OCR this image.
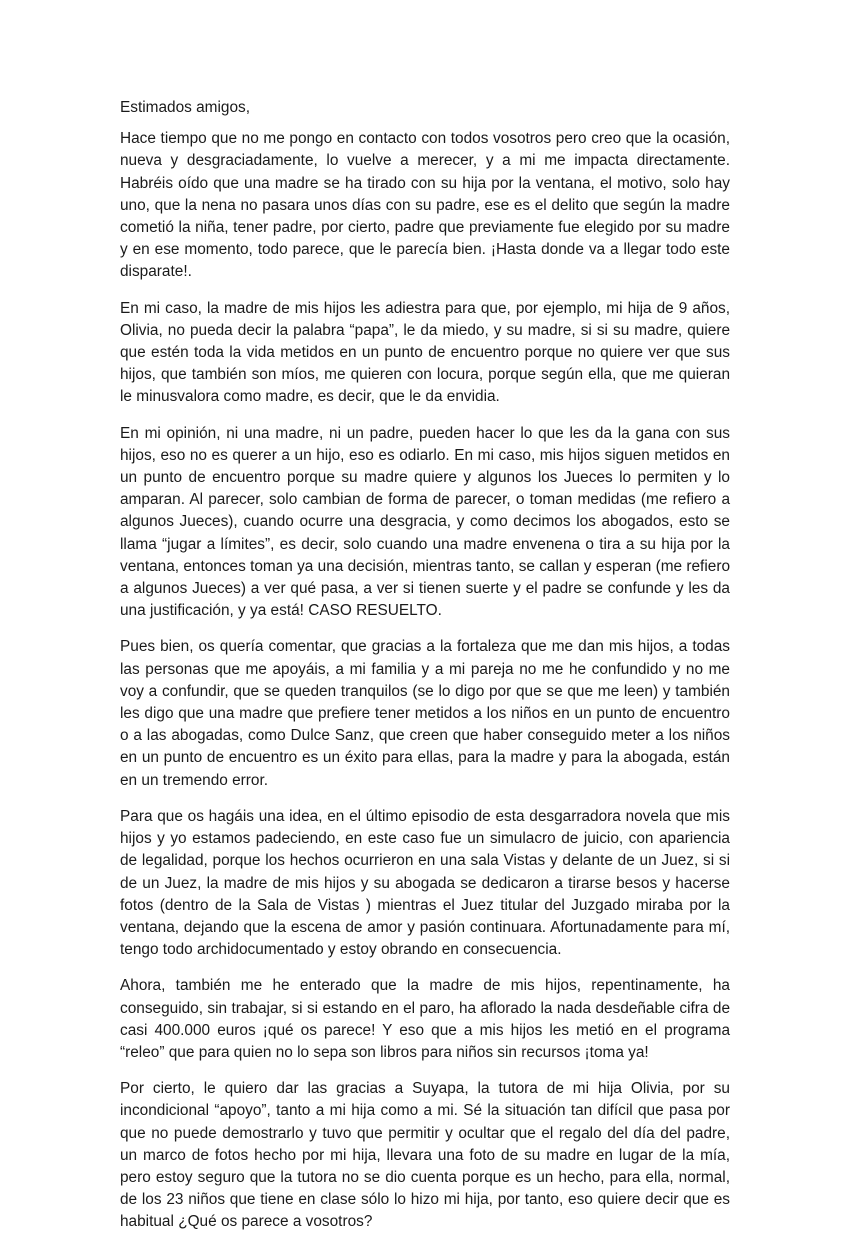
Estimados amigos,

Hace tiempo que no me pongo en contacto con todos vosotros pero creo que la ocasión, nueva y desgraciadamente, lo vuelve a merecer, y a mi me impacta directamente. Habréis oído que una madre se ha tirado con su hija por la ventana, el motivo, solo hay uno, que la nena no pasara unos días con su padre, ese es el delito que según la madre cometió la niña, tener padre, por cierto, padre que previamente fue elegido por su madre y en ese momento, todo parece, que le parecía bien. ¡Hasta donde va a llegar todo este disparate!.

En mi caso, la madre de mis hijos les adiestra para que, por ejemplo, mi hija de 9 años, Olivia, no pueda decir la palabra “papa”, le da miedo, y su madre, si si su madre, quiere que estén toda la vida metidos en un punto de encuentro porque no quiere ver que sus hijos, que también son míos, me quieren con locura, porque según ella, que me quieran le minusvalora como madre, es decir, que le da envidia.

En mi opinión, ni una madre, ni un padre, pueden hacer lo que les da la gana con sus hijos, eso no es querer a un hijo, eso es odiarlo. En mi caso, mis hijos siguen metidos en un punto de encuentro porque su madre quiere y algunos los Jueces lo permiten y lo amparan. Al parecer, solo cambian de forma de parecer, o toman medidas (me refiero a algunos Jueces), cuando ocurre una desgracia, y como decimos los abogados, esto se llama “jugar a límites”, es decir, solo cuando una madre envenena o tira a su hija por la ventana, entonces toman ya una decisión, mientras tanto, se callan y esperan (me refiero a algunos Jueces) a ver qué pasa, a ver si tienen suerte y el padre se confunde y les da una justificación, y ya está! CASO RESUELTO.

Pues bien, os quería comentar, que gracias a la fortaleza que me dan mis hijos, a todas las personas que me apoyáis, a mi familia y a mi pareja no me he confundido y no me voy a confundir, que se queden tranquilos (se lo digo por que se que me leen) y también les digo que una madre que prefiere tener metidos a los niños en un punto de encuentro o a las abogadas, como Dulce Sanz, que creen que haber conseguido meter a los niños en un punto de encuentro es un éxito para ellas, para la madre y para la abogada, están en un tremendo error.

Para que os hagáis una idea, en el último episodio de esta desgarradora novela que mis hijos y yo estamos padeciendo, en este caso fue un simulacro de juicio, con apariencia de legalidad, porque los hechos ocurrieron en una sala Vistas y delante de un Juez, si si de un Juez, la madre de mis hijos y su abogada se dedicaron a tirarse besos y hacerse fotos (dentro de la Sala de Vistas ) mientras el Juez titular del Juzgado miraba por la ventana, dejando que la escena de amor y pasión continuara. Afortunadamente para mí, tengo todo archidocumentado y estoy obrando en consecuencia.

Ahora, también me he enterado que la madre de mis hijos, repentinamente, ha conseguido, sin trabajar, si si estando en el paro, ha aflorado la nada desdeñable cifra de casi 400.000 euros ¡qué os parece! Y eso que a mis hijos les metió en el programa “releo” que para quien no lo sepa son libros para niños sin recursos ¡toma ya!

Por cierto, le quiero dar las gracias a Suyapa, la tutora de mi hija Olivia, por su incondicional “apoyo”, tanto a mi hija como a mi. Sé la situación tan difícil que pasa por que no puede demostrarlo y tuvo que permitir y ocultar que el regalo del día del padre, un marco de fotos hecho por mi hija, llevara una foto de su madre en lugar de la mía, pero estoy seguro que la tutora no se dio cuenta porque es un hecho, para ella, normal, de los 23 niños que tiene en clase sólo lo hizo mi hija, por tanto, eso quiere decir que es habitual ¿Qué os parece a vosotros?
